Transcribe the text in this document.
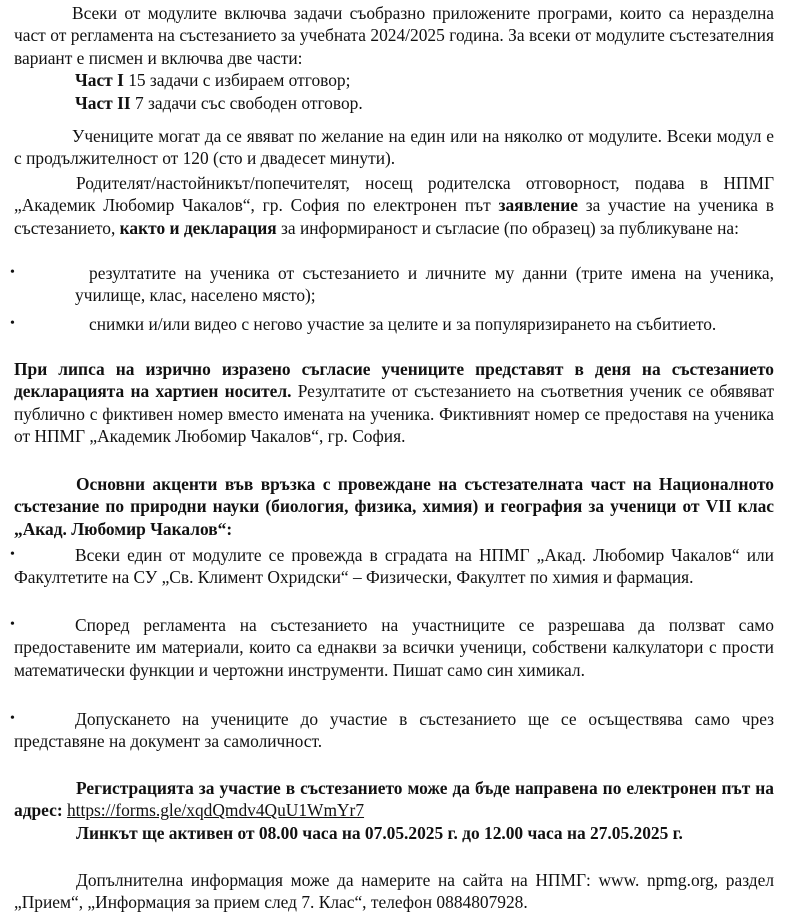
Всеки от модулите включва задачи съобразно приложените програми, които са неразделна част от регламента на състезанието за учебната 2024/2025 година. За всеки от модулите състезателния вариант е писмен и включва две части:

Част I 15 задачи с избираем отговор;

Част II 7 задачи със свободен отговор.

Учениците могат да се явяват по желание на един или на няколко от модулите. Всеки модул е с продължителност от 120 (сто и двадесет минути).

Родителят/настойникът/попечителят, носещ родителска отговорност, подава в НПМГ „Академик Любомир Чакалов“, гр. София по електронен път заявление за участие на ученика в състезанието, както и декларация за информираност и съгласие (по образец) за публикуване на:

•	резултатите на ученика от състезанието и личните му данни (трите имена на ученика, училище, клас, населено място);

•	снимки и/или видео с негово участие за целите и за популяризирането на събитието.

При липса на изрично изразено съгласие учениците представят в деня на състезанието декларацията на хартиен носител. Резултатите от състезанието на съответния ученик се обявяват публично с фиктивен номер вместо имената на ученика. Фиктивният номер се предоставя на ученика от НПМГ „Академик Любомир Чакалов“, гр. София.

Основни акценти във връзка с провеждане на състезателната част на Националното състезание по природни науки (биология, физика, химия) и география за ученици от VII клас „Акад. Любомир Чакалов“:

•	Всеки един от модулите се провежда в сградата на НПМГ „Акад. Любомир Чакалов“ или Факултетите на СУ „Св. Климент Охридски“ – Физически, Факултет по химия и фармация.

•	Според регламента на състезанието на участниците се разрешава да ползват само предоставените им материали, които са еднакви за всички ученици, собствени калкулатори с прости математически функции и чертожни инструменти. Пишат само син химикал.

•	Допускането на учениците до участие в състезанието ще се осъществява само чрез представяне на документ за самоличност.

Регистрацията за участие в състезанието може да бъде направена по електронен път на адрес: https://forms.gle/xqdQmdv4QuU1WmYr7

Линкът ще активен от 08.00 часа на 07.05.2025 г. до 12.00 часа на 27.05.2025 г.

Допълнителна информация може да намерите на сайта на НПМГ: www. npmg.org, раздел „Прием“, „Информация за прием след 7. Клас“, телефон 0884807928.
